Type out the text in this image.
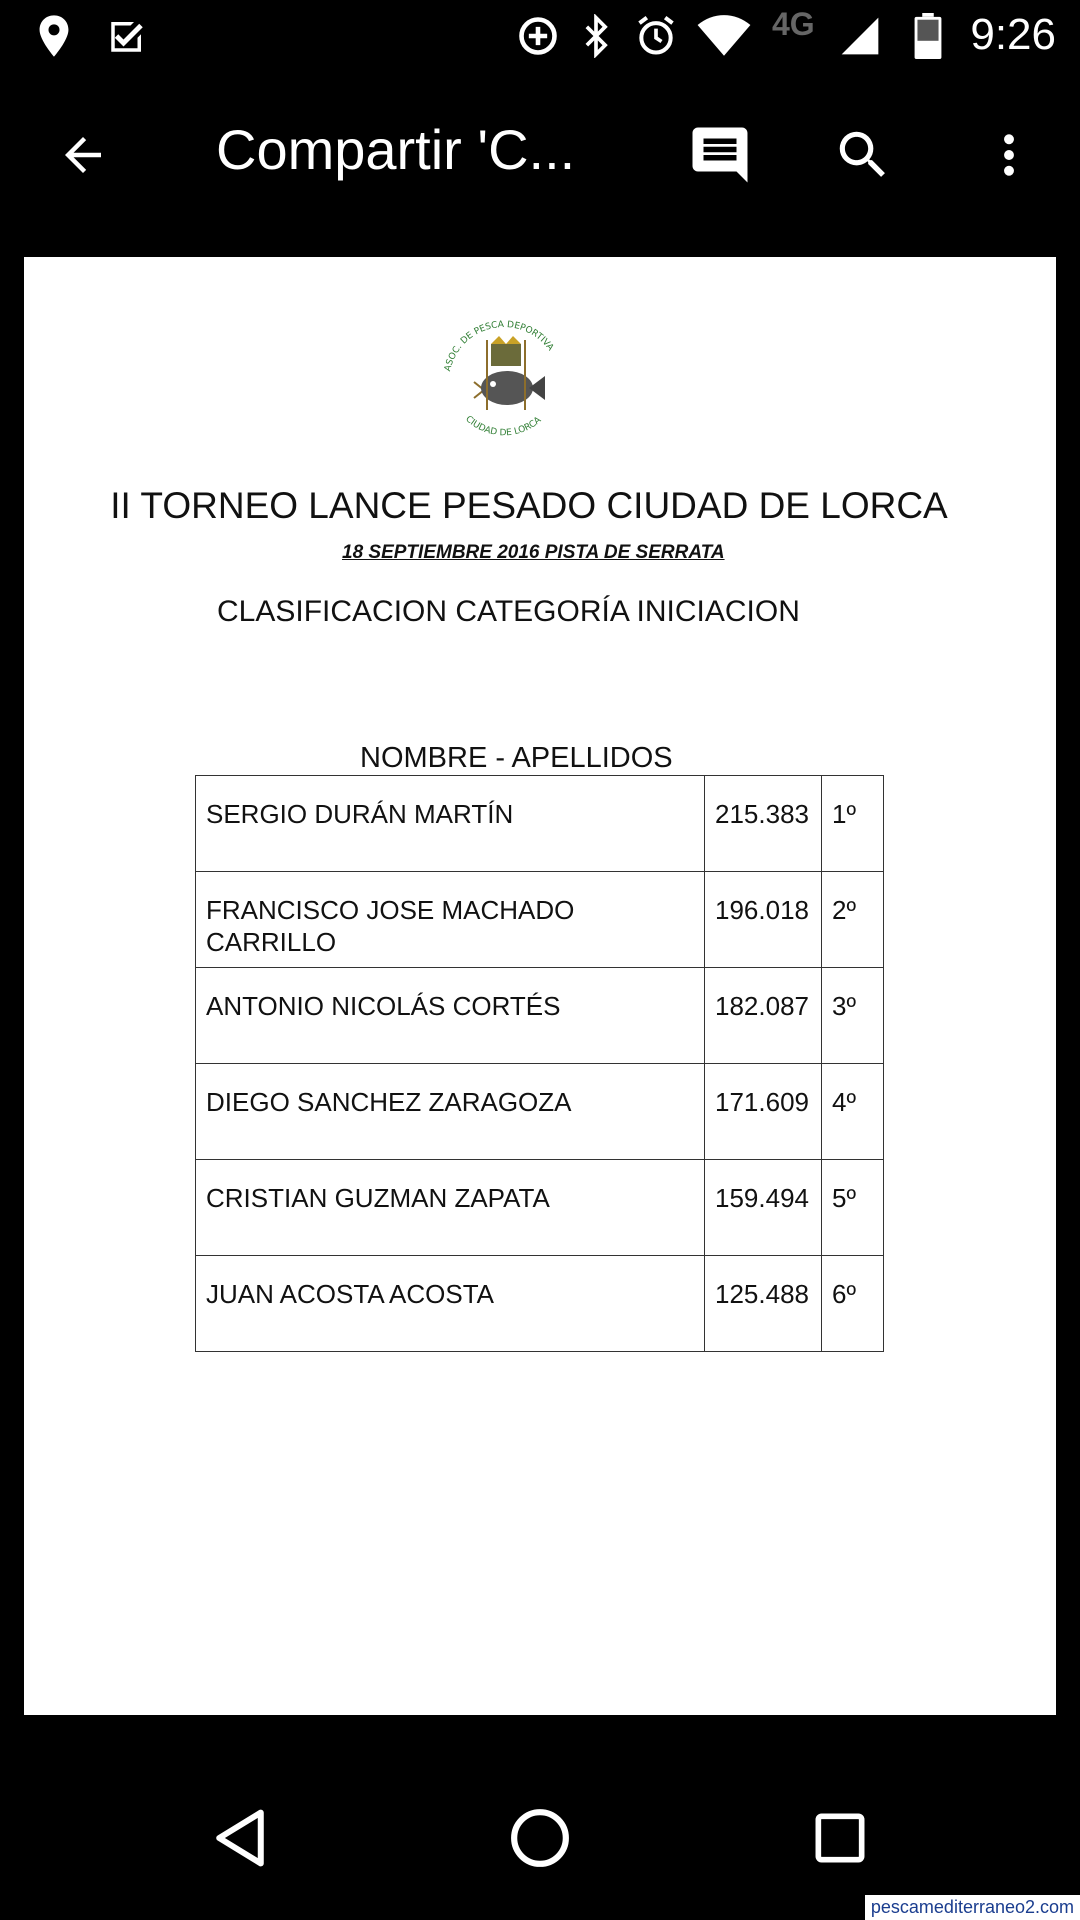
4G	9:26
Compartir 'C...
ASOC. DE PESCA DEPORTIVA
CIUDAD DE LORCA
II TORNEO LANCE PESADO CIUDAD DE LORCA
18 SEPTIEMBRE 2016 PISTA DE SERRATA
CLASIFICACION CATEGORÍA INICIACION
NOMBRE - APELLIDOS
SERGIO DURÁN MARTÍN	215.383	1º
FRANCISCO JOSE MACHADO CARRILLO	196.018	2º
ANTONIO NICOLÁS CORTÉS	182.087	3º
DIEGO SANCHEZ ZARAGOZA	171.609	4º
CRISTIAN GUZMAN ZAPATA	159.494	5º
JUAN ACOSTA ACOSTA	125.488	6º
pescamediterraneo2.com
